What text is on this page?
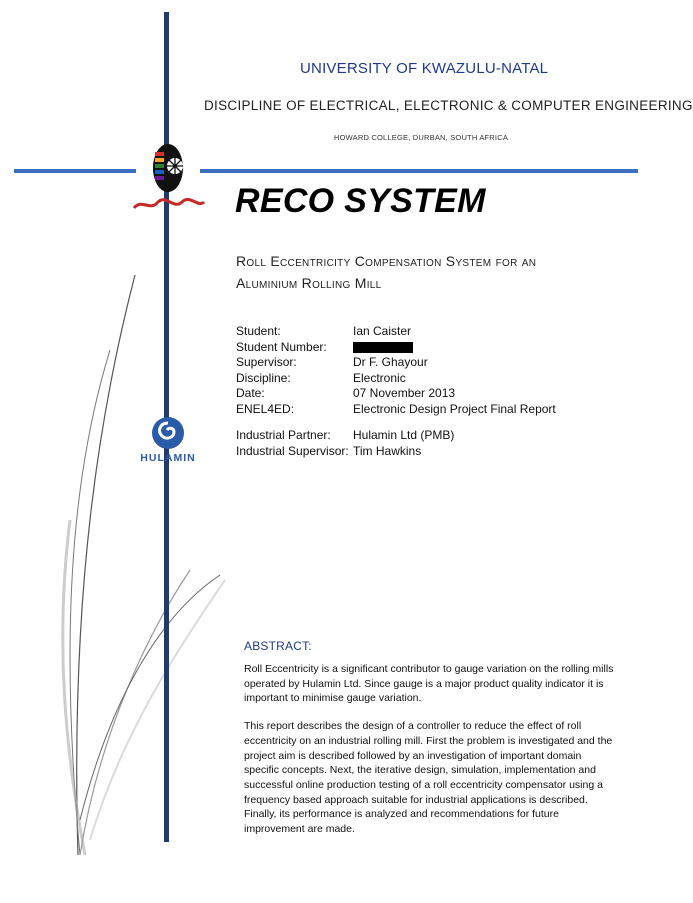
UNIVERSITY OF KWAZULU-NATAL
DISCIPLINE OF ELECTRICAL, ELECTRONIC & COMPUTER ENGINEERING
HOWARD COLLEGE, DURBAN, SOUTH AFRICA
RECO SYSTEM
Roll Eccentricity Compensation System for an
Aluminium Rolling Mill
Student:	Ian Caister
Student Number:
Supervisor:	Dr F. Ghayour
Discipline:	Electronic
Date:	07 November 2013
ENEL4ED:	Electronic Design Project Final Report
Industrial Partner: Hulamin Ltd (PMB)
Industrial Supervisor: Tim Hawkins
HULAMIN
ABSTRACT:

Roll Eccentricity is a significant contributor to gauge variation on the rolling mills operated by Hulamin Ltd. Since gauge is a major product quality indicator it is important to minimise gauge variation.

This report describes the design of a controller to reduce the effect of roll eccentricity on an industrial rolling mill. First the problem is investigated and the project aim is described followed by an investigation of important domain specific concepts. Next, the iterative design, simulation, implementation and successful online production testing of a roll eccentricity compensator using a frequency based approach suitable for industrial applications is described. Finally, its performance is analyzed and recommendations for future improvement are made.
